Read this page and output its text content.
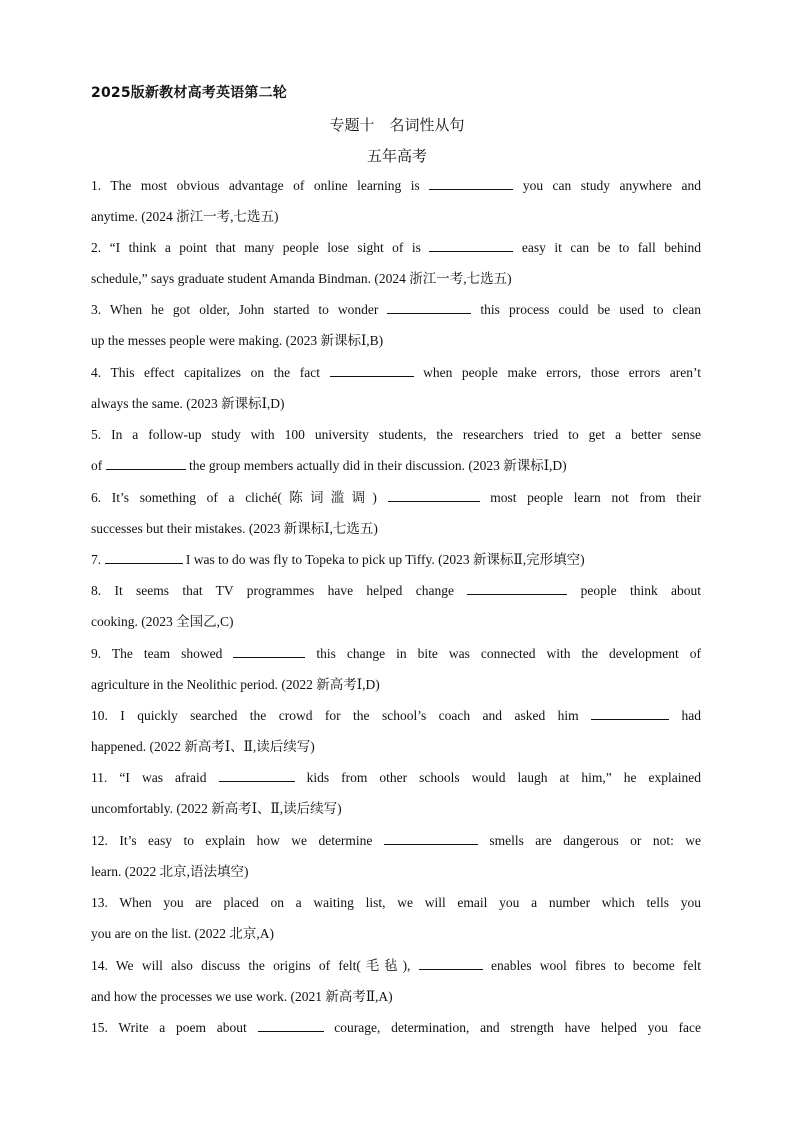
2025版新教材高考英语第二轮
专题十　名词性从句
五年高考
1. The most obvious advantage of online learning is	you can study anywhere and
anytime. (2024 浙江一考,七选五)
2. “I think a point that many people lose sight of is	easy it can be to fall behind
schedule,” says graduate student Amanda Bindman. (2024 浙江一考,七选五)
3. When he got older, John started to wonder	this process could be used to clean
up the messes people were making. (2023 新课标Ⅰ,B)
4. This effect capitalizes on the fact	when people make errors, those errors aren’t
always the same. (2023 新课标Ⅰ,D)
5. In a follow-up study with 100 university students, the researchers tried to get a better sense
of	the group members actually did in their discussion. (2023 新课标Ⅰ,D)
6. It’s something of a cliché(陈词滥调)	most people learn not from their
successes but their mistakes. (2023 新课标Ⅰ,七选五)
7.	I was to do was fly to Topeka to pick up Tiffy. (2023 新课标Ⅱ,完形填空)
8. It seems that TV programmes have helped change	people think about
cooking. (2023 全国乙,C)
9. The team showed	this change in bite was connected with the development of
agriculture in the Neolithic period. (2022 新高考Ⅰ,D)
10. I quickly searched the crowd for the school’s coach and asked him	had
happened. (2022 新高考Ⅰ、Ⅱ,读后续写)
11. “I was afraid	kids from other schools would laugh at him,” he explained
uncomfortably. (2022 新高考Ⅰ、Ⅱ,读后续写)
12. It’s easy to explain how we determine	smells are dangerous or not: we
learn. (2022 北京,语法填空)
13. When you are placed on a waiting list, we will email you a number which tells you
you are on the list. (2022 北京,A)
14. We will also discuss the origins of felt(毛毡),	enables wool fibres to become felt
and how the processes we use work. (2021 新高考Ⅱ,A)
15. Write a poem about	courage, determination, and strength have helped you face
